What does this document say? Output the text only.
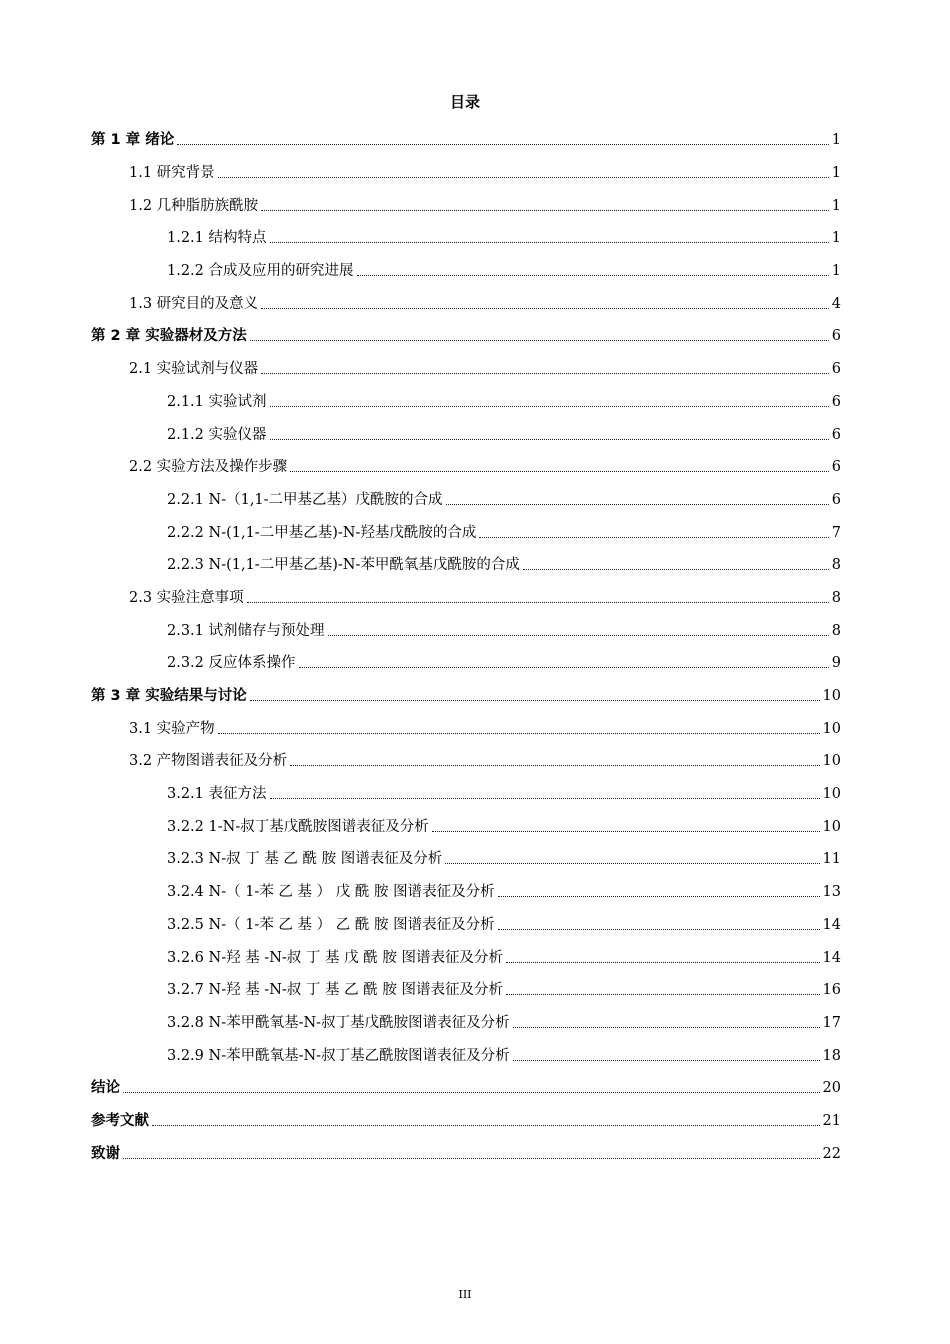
目录
第 1 章 绪论	1
1.1 研究背景	1
1.2 几种脂肪族酰胺	1
1.2.1 结构特点	1
1.2.2 合成及应用的研究进展	1
1.3 研究目的及意义	4
第 2 章 实验器材及方法	6
2.1 实验试剂与仪器	6
2.1.1 实验试剂	6
2.1.2 实验仪器	6
2.2 实验方法及操作步骤	6
2.2.1 N-（1,1-二甲基乙基）戊酰胺的合成	6
2.2.2 N-(1,1-二甲基乙基)-N-羟基戊酰胺的合成	7
2.2.3 N-(1,1-二甲基乙基)-N-苯甲酰氧基戊酰胺的合成	8
2.3 实验注意事项	8
2.3.1 试剂储存与预处理	8
2.3.2 反应体系操作	9
第 3 章 实验结果与讨论	10
3.1 实验产物	10
3.2 产物图谱表征及分析	10
3.2.1 表征方法	10
3.2.2 1-N-叔丁基戊酰胺图谱表征及分析	10
3.2.3 N-叔 丁 基 乙 酰 胺 图谱表征及分析	11
3.2.4 N-（ 1-苯 乙 基 ） 戊 酰 胺 图谱表征及分析	13
3.2.5 N-（ 1-苯 乙 基 ） 乙 酰 胺 图谱表征及分析	14
3.2.6 N-羟 基 -N-叔 丁 基 戊 酰 胺 图谱表征及分析	14
3.2.7 N-羟 基 -N-叔 丁 基 乙 酰 胺 图谱表征及分析	16
3.2.8 N-苯甲酰氧基-N-叔丁基戊酰胺图谱表征及分析	17
3.2.9 N-苯甲酰氧基-N-叔丁基乙酰胺图谱表征及分析	18
结论	20
参考文献	21
致谢	22
III
